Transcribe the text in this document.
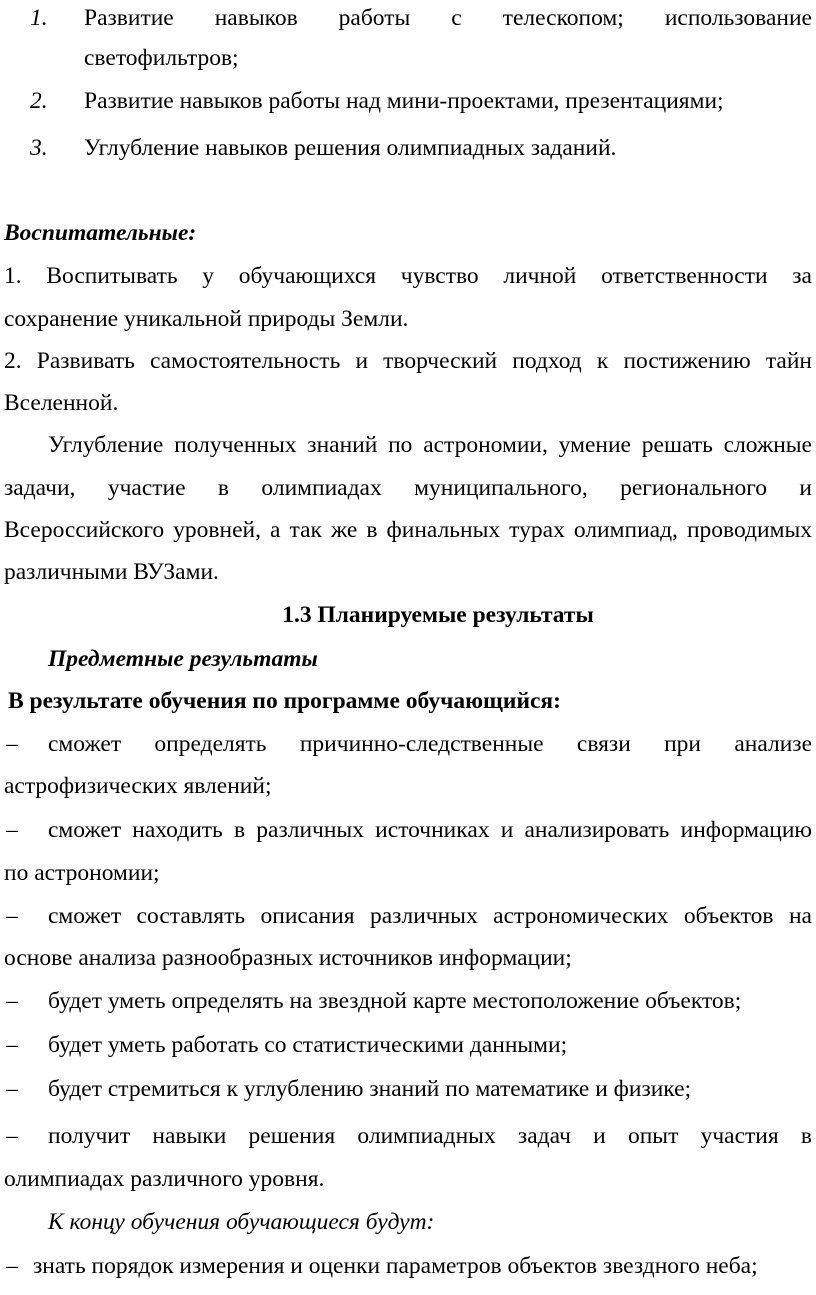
1. Развитие навыков работы с телескопом; использование
светофильтров;
2. Развитие навыков работы над мини-проектами, презентациями;
3. Углубление навыков решения олимпиадных заданий.
Воспитательные:
1. Воспитывать у обучающихся чувство личной ответственности за
сохранение уникальной природы Земли.
2. Развивать самостоятельность и творческий подход к постижению тайн
Вселенной.
Углубление полученных знаний по астрономии, умение решать сложные
задачи, участие в олимпиадах муниципального, регионального и
Всероссийского уровней, а так же в финальных турах олимпиад, проводимых
различными ВУЗами.
1.3 Планируемые результаты
Предметные результаты
В результате обучения по программе обучающийся:
– сможет определять причинно-следственные связи при анализе
астрофизических явлений;
– сможет находить в различных источниках и анализировать информацию
по астрономии;
– сможет составлять описания различных астрономических объектов на
основе анализа разнообразных источников информации;
– будет уметь определять на звездной карте местоположение объектов;
– будет уметь работать со статистическими данными;
– будет стремиться к углублению знаний по математике и физике;
– получит навыки решения олимпиадных задач и опыт участия в
олимпиадах различного уровня.
К концу обучения обучающиеся будут:
– знать порядок измерения и оценки параметров объектов звездного неба;
